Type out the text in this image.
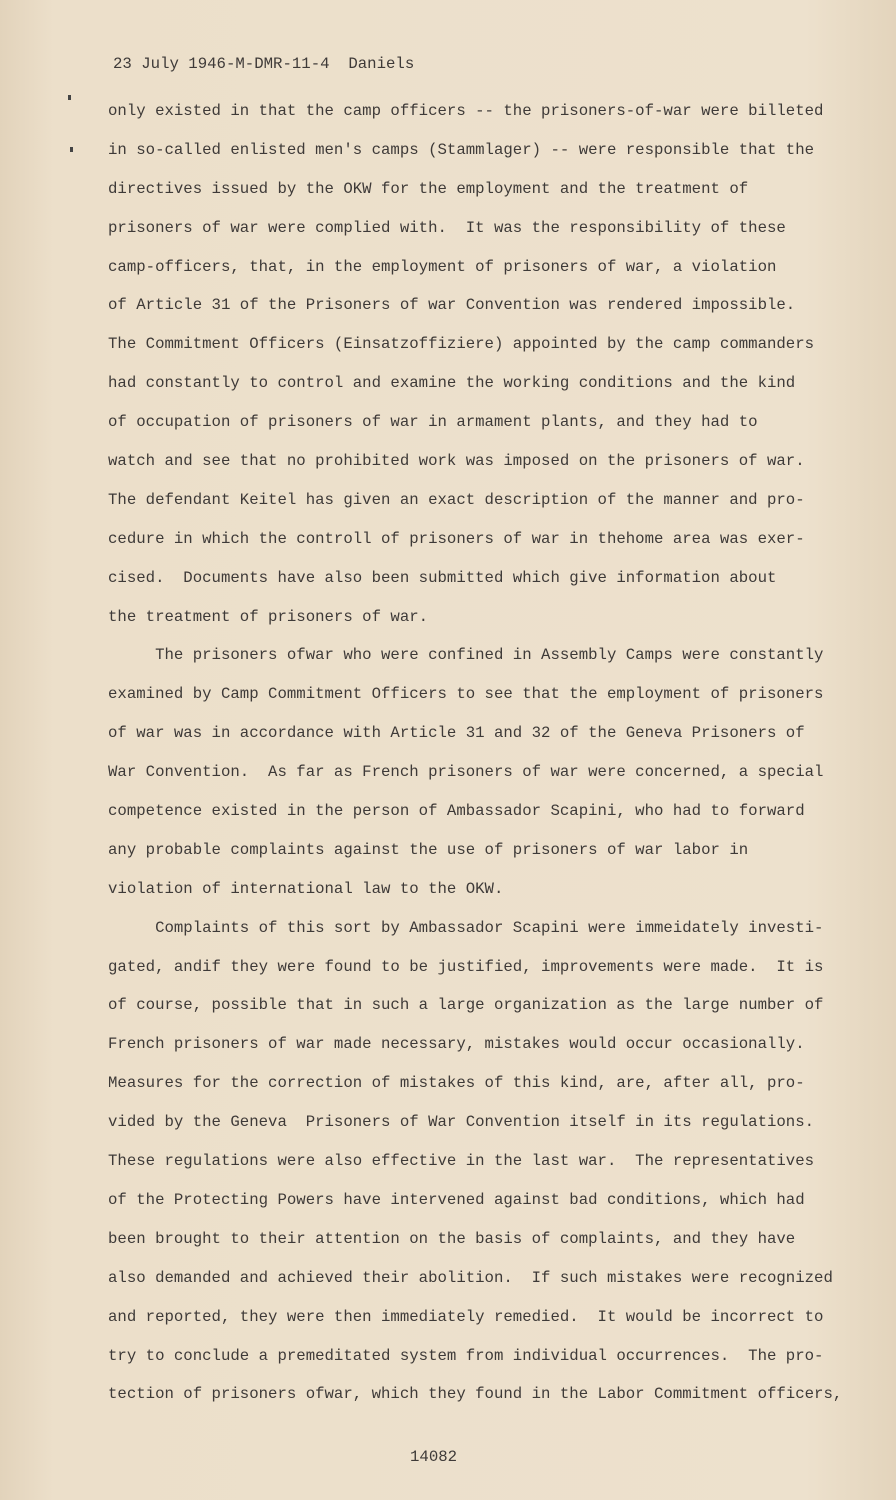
23 July 1946-M-DMR-11-4  Daniels
only existed in that the camp officers -- the prisoners-of-war were billeted
in so-called enlisted men's camps (Stammlager) -- were responsible that the
directives issued by the OKW for the employment and the treatment of
prisoners of war were complied with.  It was the responsibility of these
camp-officers, that, in the employment of prisoners of war, a violation
of Article 31 of the Prisoners of war Convention was rendered impossible.
The Commitment Officers (Einsatzoffiziere) appointed by the camp commanders
had constantly to control and examine the working conditions and the kind
of occupation of prisoners of war in armament plants, and they had to
watch and see that no prohibited work was imposed on the prisoners of war.
The defendant Keitel has given an exact description of the manner and pro-
cedure in which the controll of prisoners of war in thehome area was exer-
cised.  Documents have also been submitted which give information about
the treatment of prisoners of war.
The prisoners ofwar who were confined in Assembly Camps were constantly
examined by Camp Commitment Officers to see that the employment of prisoners
of war was in accordance with Article 31 and 32 of the Geneva Prisoners of
War Convention.  As far as French prisoners of war were concerned, a special
competence existed in the person of Ambassador Scapini, who had to forward
any probable complaints against the use of prisoners of war labor in
violation of international law to the OKW.
Complaints of this sort by Ambassador Scapini were immeidately investi-
gated, andif they were found to be justified, improvements were made.  It is
of course, possible that in such a large organization as the large number of
French prisoners of war made necessary, mistakes would occur occasionally.
Measures for the correction of mistakes of this kind, are, after all, pro-
vided by the Geneva  Prisoners of War Convention itself in its regulations.
These regulations were also effective in the last war.  The representatives
of the Protecting Powers have intervened against bad conditions, which had
been brought to their attention on the basis of complaints, and they have
also demanded and achieved their abolition.  If such mistakes were recognized
and reported, they were then immediately remedied.  It would be incorrect to
try to conclude a premeditated system from individual occurrences.  The pro-
tection of prisoners ofwar, which they found in the Labor Commitment officers,
14082
